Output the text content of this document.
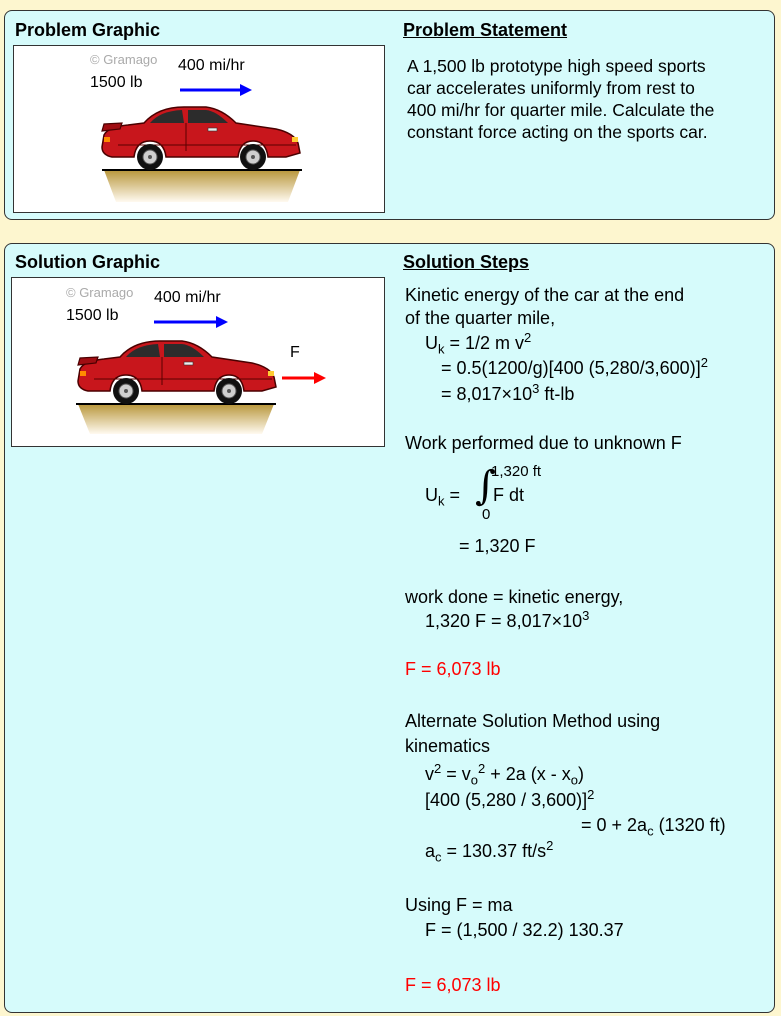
Problem Graphic	Problem Statement
© Gramago
1500 lb
400 mi/hr	A 1,500 lb prototype high speed sports
car accelerates uniformly from rest to
400 mi/hr for quarter mile. Calculate the
constant force acting on the sports car.
Solution Graphic	Solution Steps
© Gramago
1500 lb
400 mi/hr
F
Kinetic energy of the car at the end
of the quarter mile,
$U_k = 1/2$ m $v^2$
= 0.5(1200/g)[400 (5,280/3,600)]$^2$
= $8,017\times 10^3$ ft-lb
Work performed due to unknown F
$U_k$ = ∫
1,320 ft
0
F dt
= 1,320 F
work done = kinetic energy,
1,320 $F = 8,017\times 10^3$
F = 6,073 lb
Alternate Solution Method using
kinematics
$v^2 = v_o^2 + 2a$ $(x - x_o)$
[400 (5,280 / 3,600)]$^2$
= $0 + 2a_c$ (1320 ft)
$a_c = 130.37$ $ft/s^2$
Using F = ma
F = (1,500 / 32.2) 130.37
F = 6,073 lb
